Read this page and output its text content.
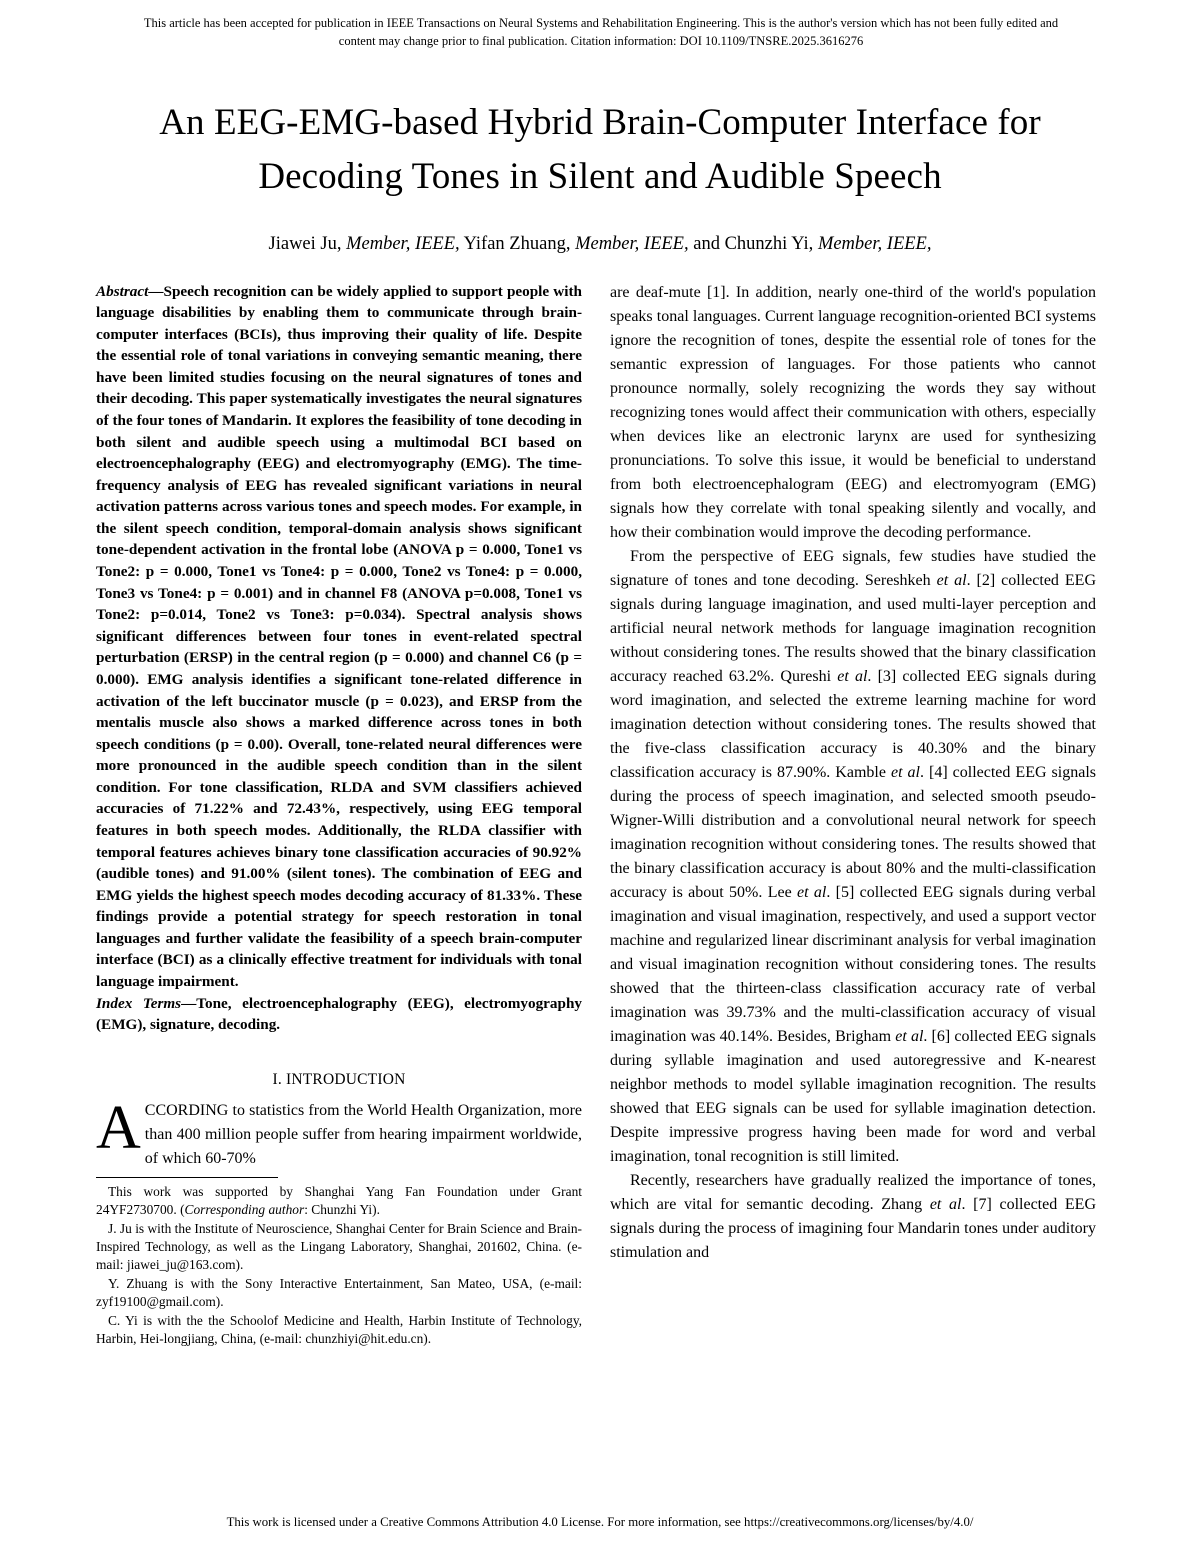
This article has been accepted for publication in IEEE Transactions on Neural Systems and Rehabilitation Engineering. This is the author's version which has not been fully edited and
content may change prior to final publication. Citation information: DOI 10.1109/TNSRE.2025.3616276
An EEG-EMG-based Hybrid Brain-Computer Interface for Decoding Tones in Silent and Audible Speech
Jiawei Ju, Member, IEEE, Yifan Zhuang, Member, IEEE, and Chunzhi Yi, Member, IEEE,

Abstract—Speech recognition can be widely applied to support people with language disabilities by enabling them to communicate through brain-computer interfaces (BCIs), thus improving their quality of life. Despite the essential role of tonal variations in conveying semantic meaning, there have been limited studies focusing on the neural signatures of tones and their decoding. This paper systematically investigates the neural signatures of the four tones of Mandarin. It explores the feasibility of tone decoding in both silent and audible speech using a multimodal BCI based on electroencephalography (EEG) and electromyography (EMG). The time-frequency analysis of EEG has revealed significant variations in neural activation patterns across various tones and speech modes. For example, in the silent speech condition, temporal-domain analysis shows significant tone-dependent activation in the frontal lobe (ANOVA p = 0.000, Tone1 vs Tone2: p = 0.000, Tone1 vs Tone4: p = 0.000, Tone2 vs Tone4: p = 0.000, Tone3 vs Tone4: p = 0.001) and in channel F8 (ANOVA p=0.008, Tone1 vs Tone2: p=0.014, Tone2 vs Tone3: p=0.034). Spectral analysis shows significant differences between four tones in event-related spectral perturbation (ERSP) in the central region (p = 0.000) and channel C6 (p = 0.000). EMG analysis identifies a significant tone-related difference in activation of the left buccinator muscle (p = 0.023), and ERSP from the mentalis muscle also shows a marked difference across tones in both speech conditions (p = 0.00). Overall, tone-related neural differences were more pronounced in the audible speech condition than in the silent condition. For tone classification, RLDA and SVM classifiers achieved accuracies of 71.22% and 72.43%, respectively, using EEG temporal features in both speech modes. Additionally, the RLDA classifier with temporal features achieves binary tone classification accuracies of 90.92% (audible tones) and 91.00% (silent tones). The combination of EEG and EMG yields the highest speech modes decoding accuracy of 81.33%. These findings provide a potential strategy for speech restoration in tonal languages and further validate the feasibility of a speech brain-computer interface (BCI) as a clinically effective treatment for individuals with tonal language impairment.

Index Terms—Tone, electroencephalography (EEG), electromyography (EMG), signature, decoding.

I. INTRODUCTION

ACCORDING to statistics from the World Health Organization, more than 400 million people suffer from hearing impairment worldwide, of which 60-70%

This work was supported by Shanghai Yang Fan Foundation under Grant 24YF2730700. (Corresponding author: Chunzhi Yi).

J. Ju is with the Institute of Neuroscience, Shanghai Center for Brain Science and Brain-Inspired Technology, as well as the Lingang Laboratory, Shanghai, 201602, China. (e-mail: jiawei_ju@163.com).

Y. Zhuang is with the Sony Interactive Entertainment, San Mateo, USA, (e-mail: zyf19100@gmail.com).

C. Yi is with the the Schoolof Medicine and Health, Harbin Institute of Technology, Harbin, Hei-longjiang, China, (e-mail: chunzhiyi@hit.edu.cn).

are deaf-mute [1]. In addition, nearly one-third of the world's population speaks tonal languages. Current language recognition-oriented BCI systems ignore the recognition of tones, despite the essential role of tones for the semantic expression of languages. For those patients who cannot pronounce normally, solely recognizing the words they say without recognizing tones would affect their communication with others, especially when devices like an electronic larynx are used for synthesizing pronunciations. To solve this issue, it would be beneficial to understand from both electroencephalogram (EEG) and electromyogram (EMG) signals how they correlate with tonal speaking silently and vocally, and how their combination would improve the decoding performance.

From the perspective of EEG signals, few studies have studied the signature of tones and tone decoding. Sereshkeh et al. [2] collected EEG signals during language imagination, and used multi-layer perception and artificial neural network methods for language imagination recognition without considering tones. The results showed that the binary classification accuracy reached 63.2%. Qureshi et al. [3] collected EEG signals during word imagination, and selected the extreme learning machine for word imagination detection without considering tones. The results showed that the five-class classification accuracy is 40.30% and the binary classification accuracy is 87.90%. Kamble et al. [4] collected EEG signals during the process of speech imagination, and selected smooth pseudo-Wigner-Willi distribution and a convolutional neural network for speech imagination recognition without considering tones. The results showed that the binary classification accuracy is about 80% and the multi-classification accuracy is about 50%. Lee et al. [5] collected EEG signals during verbal imagination and visual imagination, respectively, and used a support vector machine and regularized linear discriminant analysis for verbal imagination and visual imagination recognition without considering tones. The results showed that the thirteen-class classification accuracy rate of verbal imagination was 39.73% and the multi-classification accuracy of visual imagination was 40.14%. Besides, Brigham et al. [6] collected EEG signals during syllable imagination and used autoregressive and K-nearest neighbor methods to model syllable imagination recognition. The results showed that EEG signals can be used for syllable imagination detection. Despite impressive progress having been made for word and verbal imagination, tonal recognition is still limited.

Recently, researchers have gradually realized the importance of tones, which are vital for semantic decoding. Zhang et al. [7] collected EEG signals during the process of imagining four Mandarin tones under auditory stimulation and

This work is licensed under a Creative Commons Attribution 4.0 License. For more information, see https://creativecommons.org/licenses/by/4.0/
